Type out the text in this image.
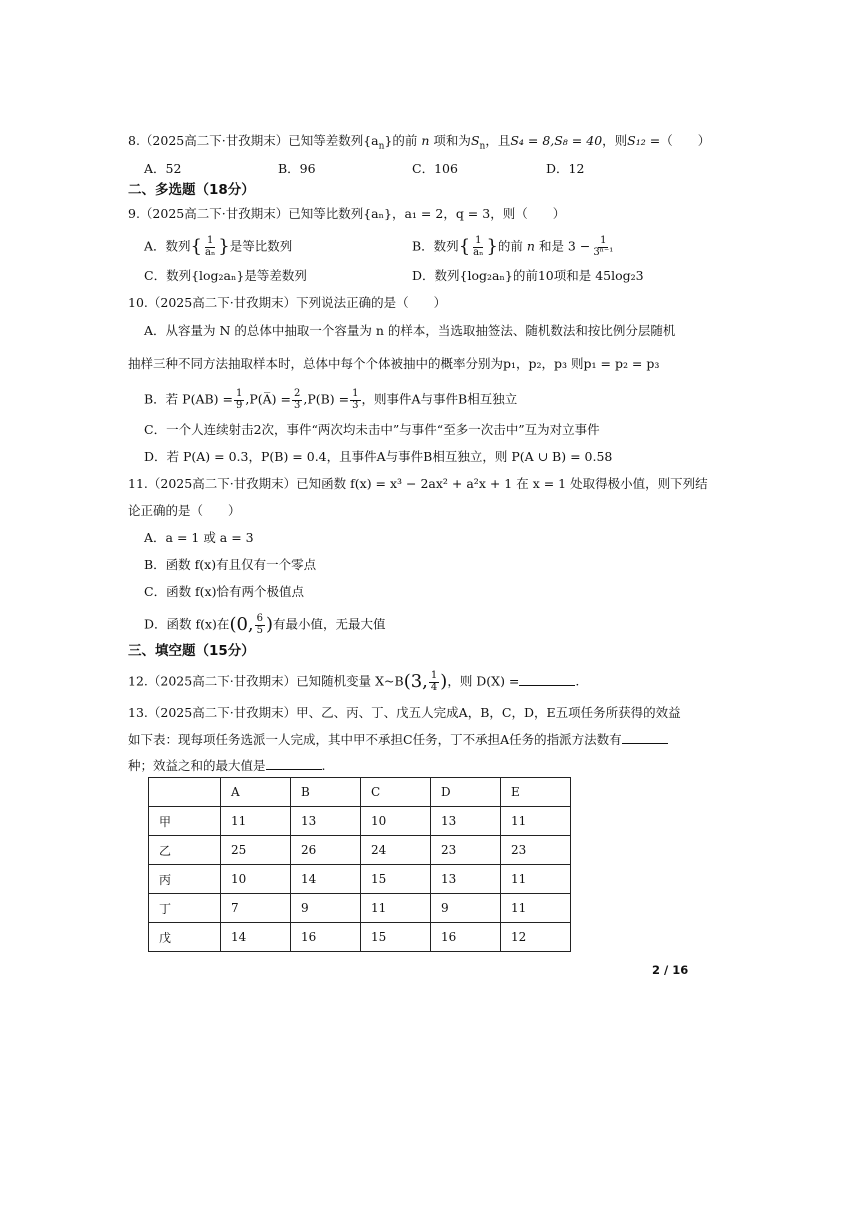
8.（2025高二下·甘孜期末）已知等差数列$\{a_n\}$的前 n 项和为$S_n$，且S₄ = 8,S₈ = 40，则S₁₂ =（　　）
A．52	B．96	C．106	D．12
二、多选题（18分）
9.（2025高二下·甘孜期末）已知等比数列{aₙ}，a₁ = 2，q = 3，则（　　）
A．数列{ $\frac{1}{\text{aₙ}}$ }是等比数列	B．数列{ $\frac{1}{\text{aₙ}}$ }的前 n 和是 $3 - \frac{1}{\text{3ⁿ⁻¹}}$
C．数列{log₂aₙ}是等差数列	D．数列{log₂aₙ}的前10项和是 45log₂3
10.（2025高二下·甘孜期末）下列说法正确的是（　　）
A．从容量为 N 的总体中抽取一个容量为 n 的样本，当选取抽签法、随机数法和按比例分层随机
抽样三种不同方法抽取样本时，总体中每个个体被抽中的概率分别为p₁，p₂，p₃ 则p₁ = p₂ = p₃
B．若 $P(AB) = \frac{1}{9}$ ,P(A̅) = $\frac{2}{3} ,P(B) = \frac{1}{3}$ ，则事件A与事件B相互独立
C．一个人连续射击2次，事件“两次均未击中”与事件“至多一次击中”互为对立事件
D．若 P(A) = 0.3，P(B) = 0.4，且事件A与事件B相互独立，则 P(A ∪ B) = 0.58
11.（2025高二下·甘孜期末）已知函数 f(x) = x³ − 2ax² + a²x + 1 在 x = 1 处取得极小值，则下列结
论正确的是（　　）
A．a = 1 或 a = 3
B．函数 f(x)有且仅有一个零点
C．函数 f(x)恰有两个极值点
D．函数 f(x)在(0, $\frac{6}{5}$ )有最小值，无最大值
三、填空题（15分）
12.（2025高二下·甘孜期末）已知随机变量 X~B(3, $\frac{1}{4}$ )，则 D(X) =	.
13.（2025高二下·甘孜期末）甲、乙、丙、丁、戊五人完成A，B，C，D，E五项任务所获得的效益
如下表：现每项任务选派一人完成，其中甲不承担C任务，丁不承担A任务的指派方法数有
种；效益之和的最大值是	.
	A	B	C	D	E
甲	11	13	10	13	11
乙	25	26	24	23	23
丙	10	14	15	13	11
丁	7	9	11	9	11
戊	14	16	15	16	12
2 / 16
